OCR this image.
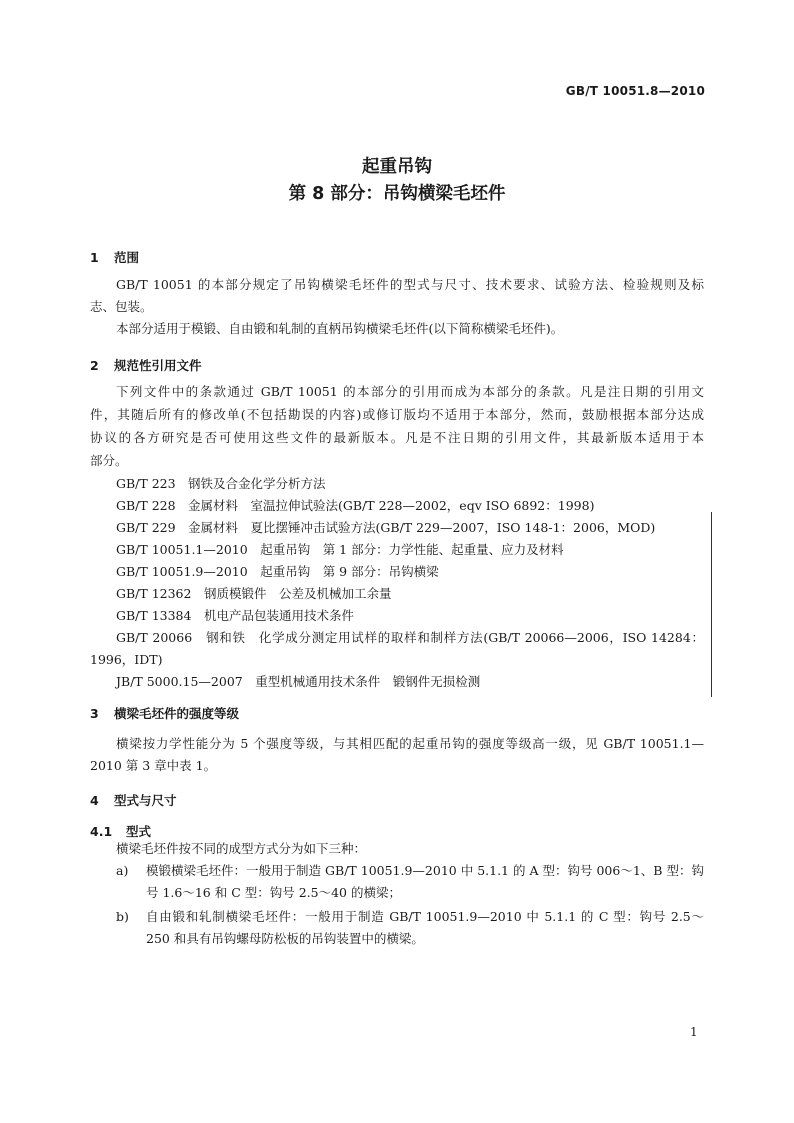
GB/T 10051.8—2010
起重吊钩
第 8 部分：吊钩横梁毛坯件
1 范围
GB/T 10051 的本部分规定了吊钩横梁毛坯件的型式与尺寸、技术要求、试验方法、检验规则及标
志、包装。
本部分适用于模锻、自由锻和轧制的直柄吊钩横梁毛坯件(以下简称横梁毛坯件)。
2 规范性引用文件
下列文件中的条款通过 GB/T 10051 的本部分的引用而成为本部分的条款。凡是注日期的引用文
件，其随后所有的修改单(不包括勘误的内容)或修订版均不适用于本部分，然而，鼓励根据本部分达成
协议的各方研究是否可使用这些文件的最新版本。凡是不注日期的引用文件，其最新版本适用于本
部分。
GB/T 223　钢铁及合金化学分析方法
GB/T 228　金属材料　室温拉伸试验法(GB/T 228—2002，eqv ISO 6892：1998)
GB/T 229　金属材料　夏比摆锤冲击试验方法(GB/T 229—2007，ISO 148-1：2006，MOD)
GB/T 10051.1—2010　起重吊钩　第 1 部分：力学性能、起重量、应力及材料
GB/T 10051.9—2010　起重吊钩　第 9 部分：吊钩横梁
GB/T 12362　钢质模锻件　公差及机械加工余量
GB/T 13384　机电产品包装通用技术条件
GB/T 20066　钢和铁　化学成分测定用试样的取样和制样方法(GB/T 20066—2006，ISO 14284：
1996，IDT)
JB/T 5000.15—2007　重型机械通用技术条件　锻钢件无损检测
3 横梁毛坯件的强度等级
横梁按力学性能分为 5 个强度等级，与其相匹配的起重吊钩的强度等级高一级，见 GB/T 10051.1—
2010 第 3 章中表 1。
4 型式与尺寸
4.1 型式
横梁毛坯件按不同的成型方式分为如下三种：
a) 模锻横梁毛坯件：一般用于制造 GB/T 10051.9—2010 中 5.1.1 的 A 型：钩号 006～1、B 型：钩
号 1.6～16 和 C 型：钩号 2.5～40 的横梁；
b) 自由锻和轧制横梁毛坯件：一般用于制造 GB/T 10051.9—2010 中 5.1.1 的 C 型：钩号 2.5～
250 和具有吊钩螺母防松板的吊钩装置中的横梁。
1
